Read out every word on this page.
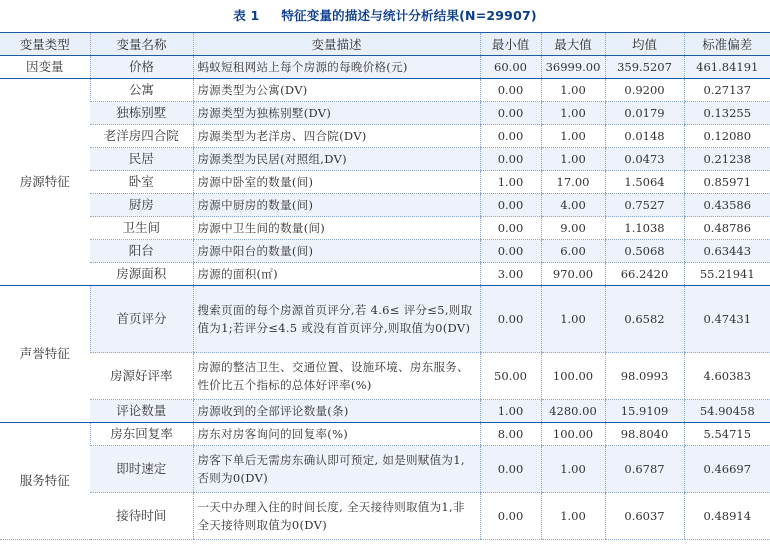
表 1 特征变量的描述与统计分析结果(N=29907)
变量类型	变量名称	变量描述	最小值	最大值	均值	标准偏差
因变量	价格	蚂蚁短租网站上每个房源的每晚价格(元)	60.00	36999.00	359.5207	461.84191
房源特征	公寓	房源类型为公寓(DV)	0.00	1.00	0.9200	0.27137
	独栋别墅	房源类型为独栋别墅(DV)	0.00	1.00	0.0179	0.13255
	老洋房四合院	房源类型为老洋房、四合院(DV)	0.00	1.00	0.0148	0.12080
	民居	房源类型为民居(对照组,DV)	0.00	1.00	0.0473	0.21238
	卧室	房源中卧室的数量(间)	1.00	17.00	1.5064	0.85971
	厨房	房源中厨房的数量(间)	0.00	4.00	0.7527	0.43586
	卫生间	房源中卫生间的数量(间)	0.00	9.00	1.1038	0.48786
	阳台	房源中阳台的数量(间)	0.00	6.00	0.5068	0.63443
	房源面积	房源的面积(㎡)	3.00	970.00	66.2420	55.21941
声誉特征	首页评分	搜索页面的每个房源首页评分,若 4.6≤ 评分≤5,则取值为1;若评分≤4.5 或没有首页评分,则取值为0(DV)	0.00	1.00	0.6582	0.47431
	房源好评率	房源的整洁卫生、交通位置、设施环境、房东服务、性价比五个指标的总体好评率(%)	50.00	100.00	98.0993	4.60383
	评论数量	房源收到的全部评论数量(条)	1.00	4280.00	15.9109	54.90458
服务特征	房东回复率	房东对房客询问的回复率(%)	8.00	100.00	98.8040	5.54715
	即时速定	房客下单后无需房东确认即可预定, 如是则赋值为1,否则为0(DV)	0.00	1.00	0.6787	0.46697
	接待时间	一天中办理入住的时间长度, 全天接待则取值为1,非全天接待则取值为0(DV)	0.00	1.00	0.6037	0.48914
